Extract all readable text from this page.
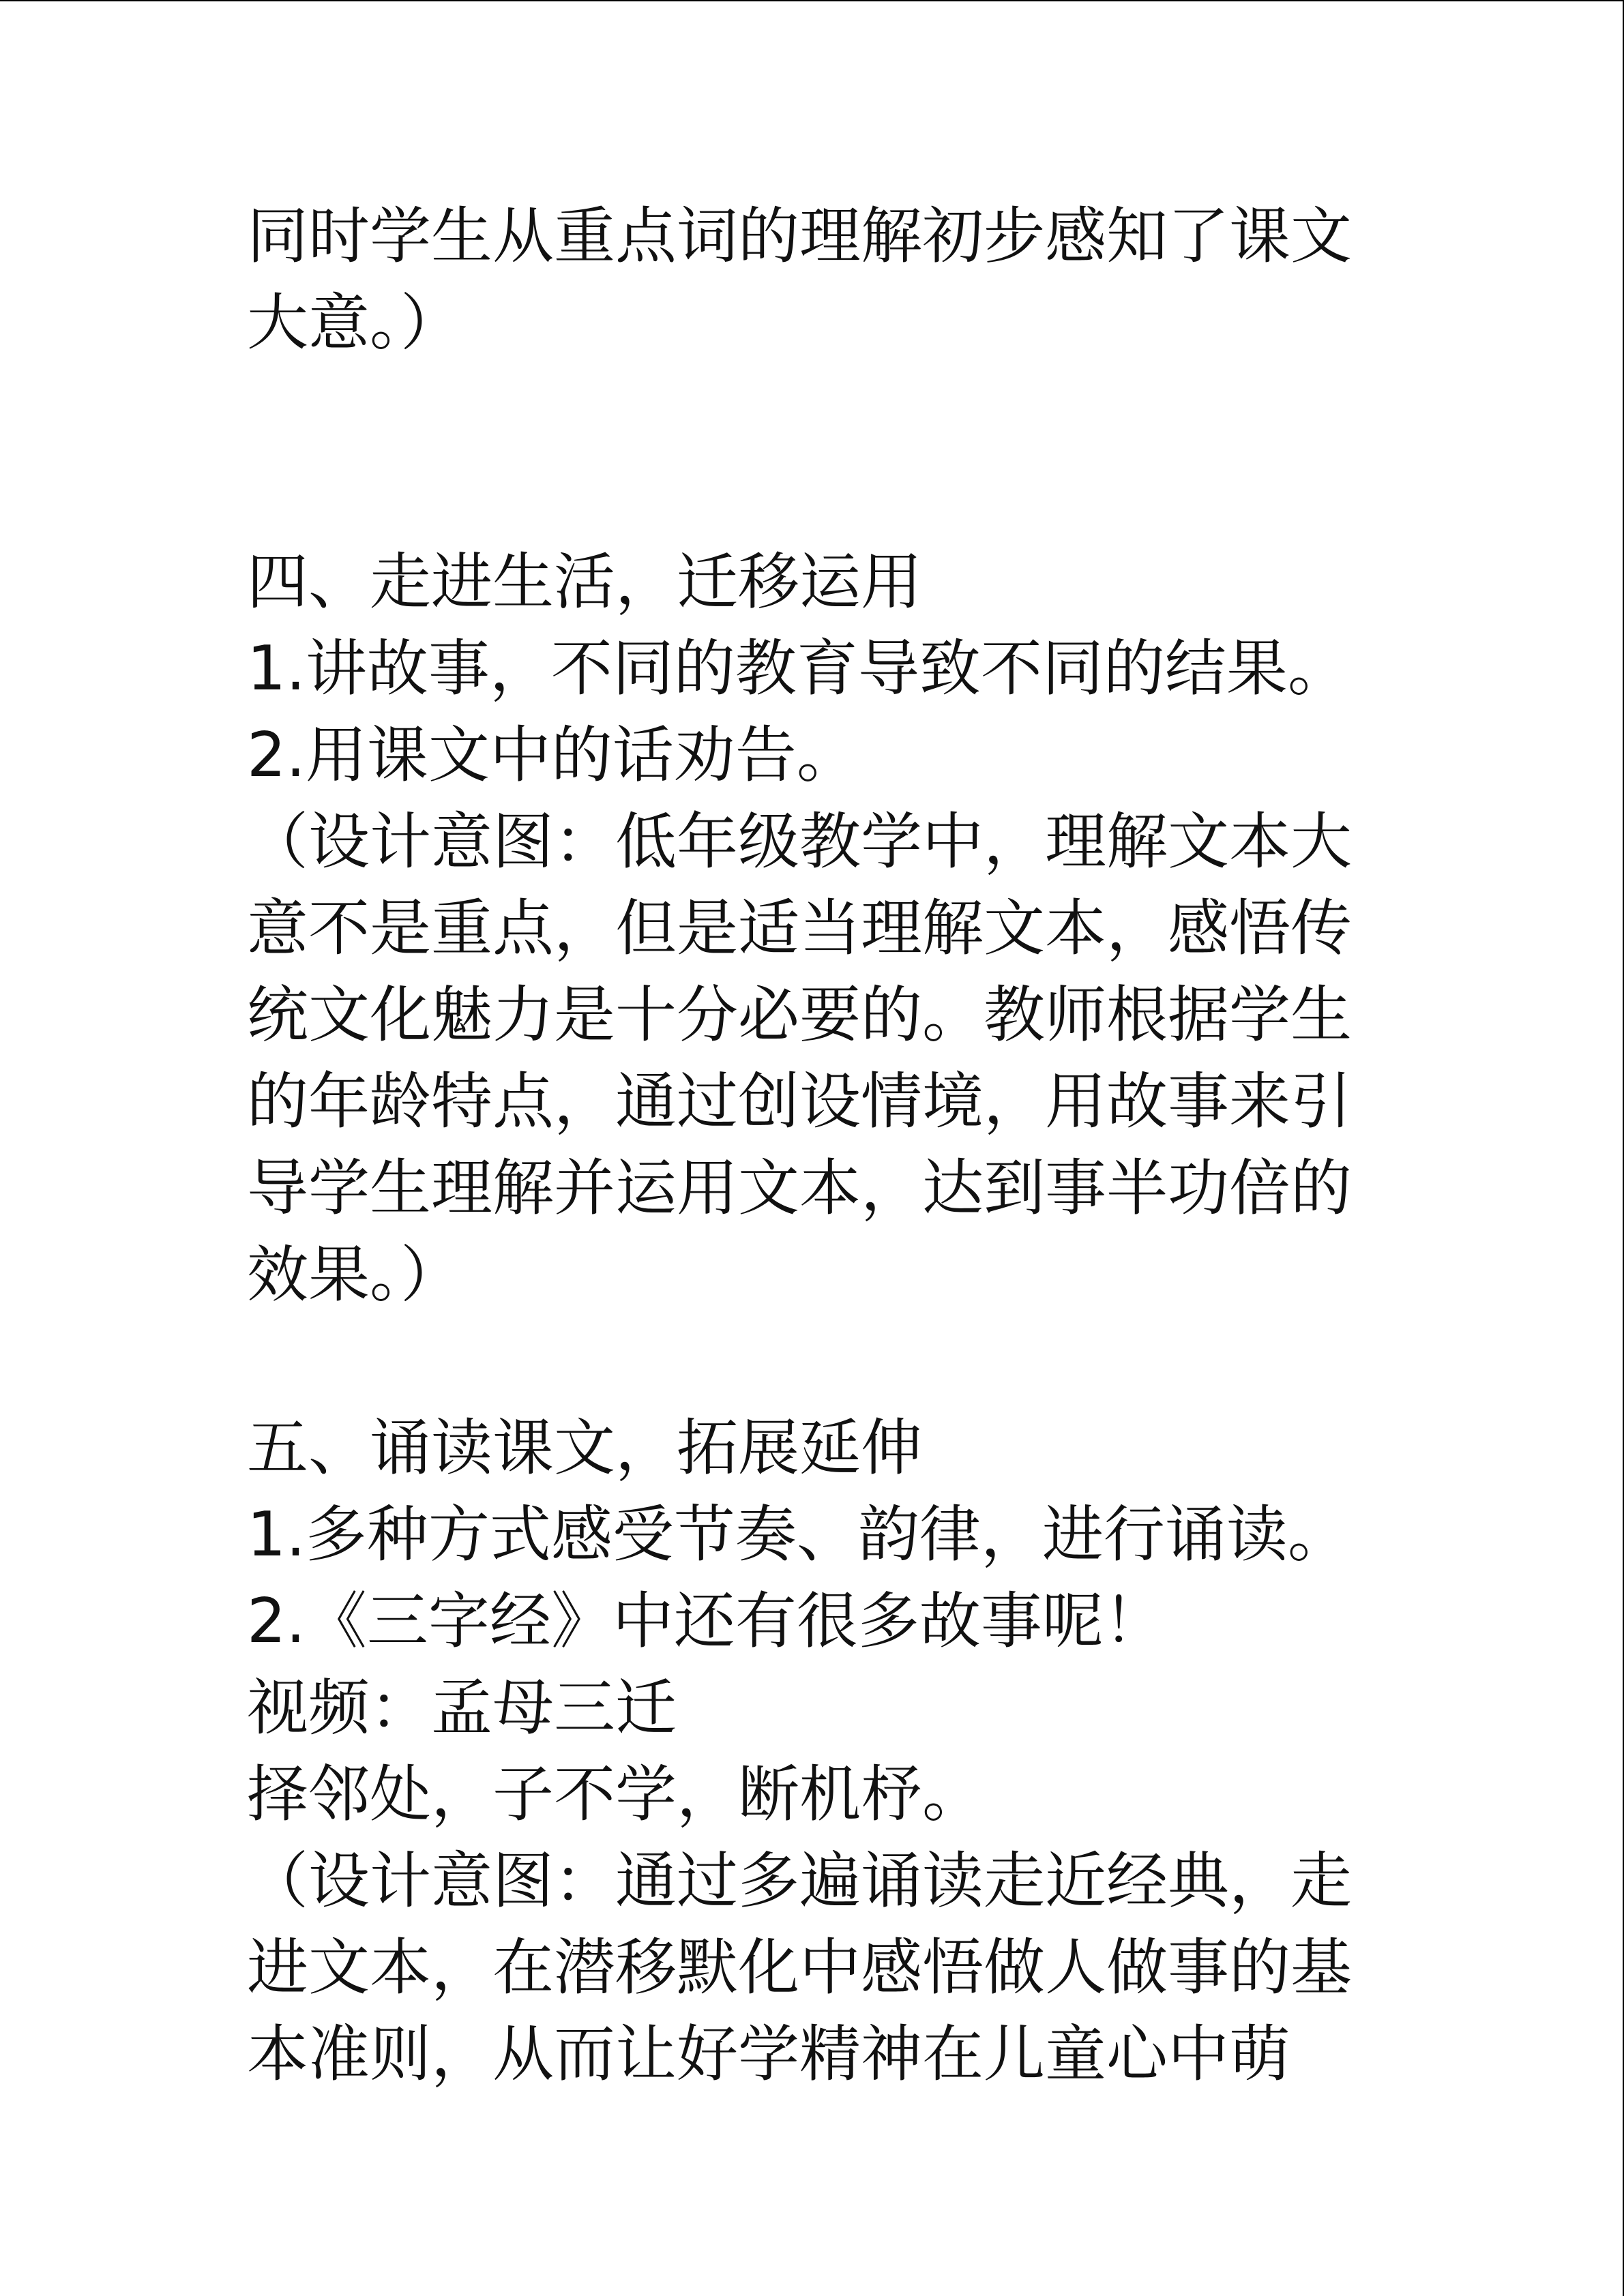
同时学生从重点词的理解初步感知了课文
大意。）
四、走进生活，迁移运用
1.讲故事，不同的教育导致不同的结果。
2.用课文中的话劝告。
（设计意图：低年级教学中，理解文本大
意不是重点，但是适当理解文本，感悟传
统文化魅力是十分必要的。教师根据学生
的年龄特点，通过创设情境，用故事来引
导学生理解并运用文本，达到事半功倍的
效果。）
五、诵读课文，拓展延伸
1.多种方式感受节奏、韵律，进行诵读。
2.《三字经》中还有很多故事呢！
视频：孟母三迁
择邻处，子不学，断机杼。
（设计意图：通过多遍诵读走近经典，走
进文本，在潜移默化中感悟做人做事的基
本准则，从而让好学精神在儿童心中萌
